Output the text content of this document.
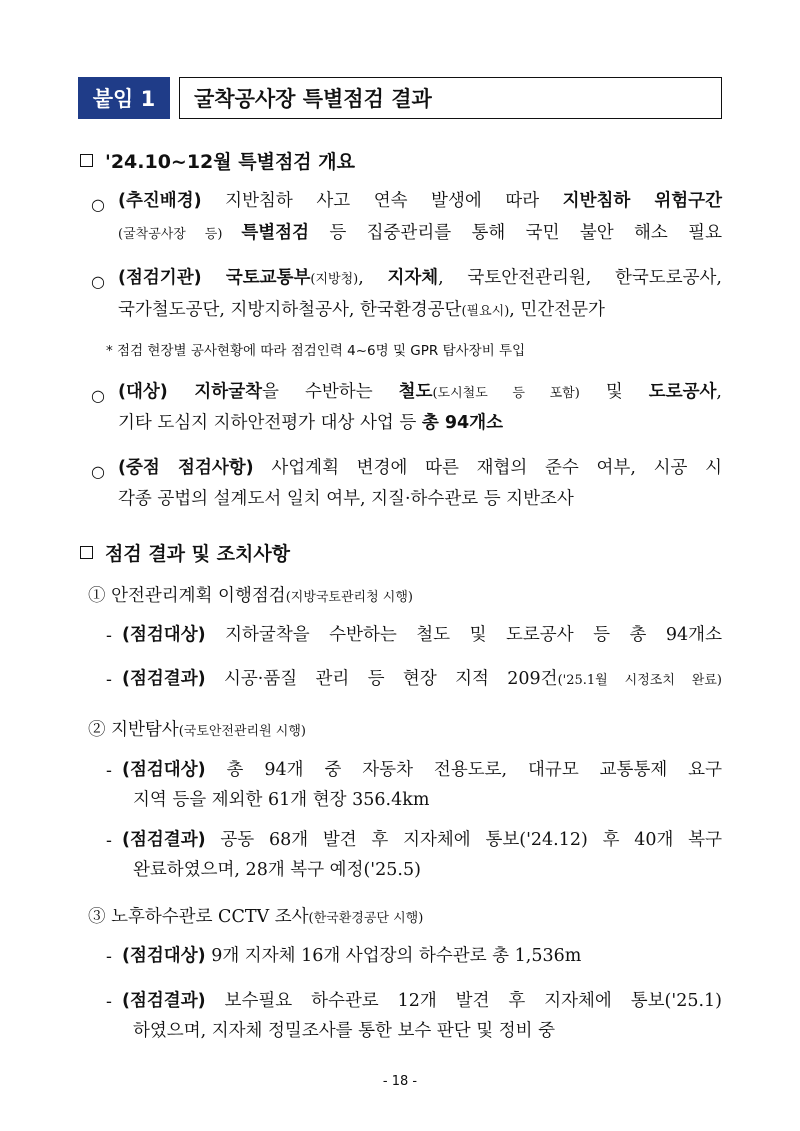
붙임 1	굴착공사장 특별점검 결과
'24.10~12월 특별점검 개요
○ (추진배경) 지반침하 사고 연속 발생에 따라 지반침하 위험구간
(굴착공사장 등) 특별점검 등 집중관리를 통해 국민 불안 해소 필요
○ (점검기관) 국토교통부(지방청), 지자체, 국토안전관리원, 한국도로공사,
국가철도공단, 지방지하철공사, 한국환경공단(필요시), 민간전문가
* 점검 현장별 공사현황에 따라 점검인력 4~6명 및 GPR 탐사장비 투입
○ (대상) 지하굴착을 수반하는 철도(도시철도 등 포함) 및 도로공사,
기타 도심지 지하안전평가 대상 사업 등 총 94개소
○ (중점 점검사항) 사업계획 변경에 따른 재협의 준수 여부, 시공 시
각종 공법의 설계도서 일치 여부, 지질·하수관로 등 지반조사
점검 결과 및 조치사항
① 안전관리계획 이행점검(지방국토관리청 시행)
- (점검대상) 지하굴착을 수반하는 철도 및 도로공사 등 총 94개소
- (점검결과) 시공·품질 관리 등 현장 지적 209건('25.1월 시정조치 완료)
② 지반탐사(국토안전관리원 시행)
- (점검대상) 총 94개 중 자동차 전용도로, 대규모 교통통제 요구
지역 등을 제외한 61개 현장 356.4km
- (점검결과) 공동 68개 발견 후 지자체에 통보('24.12) 후 40개 복구
완료하였으며, 28개 복구 예정('25.5)
③ 노후하수관로 CCTV 조사(한국환경공단 시행)
- (점검대상) 9개 지자체 16개 사업장의 하수관로 총 1,536m
- (점검결과) 보수필요 하수관로 12개 발견 후 지자체에 통보('25.1)
하였으며, 지자체 정밀조사를 통한 보수 판단 및 정비 중
- 18 -
